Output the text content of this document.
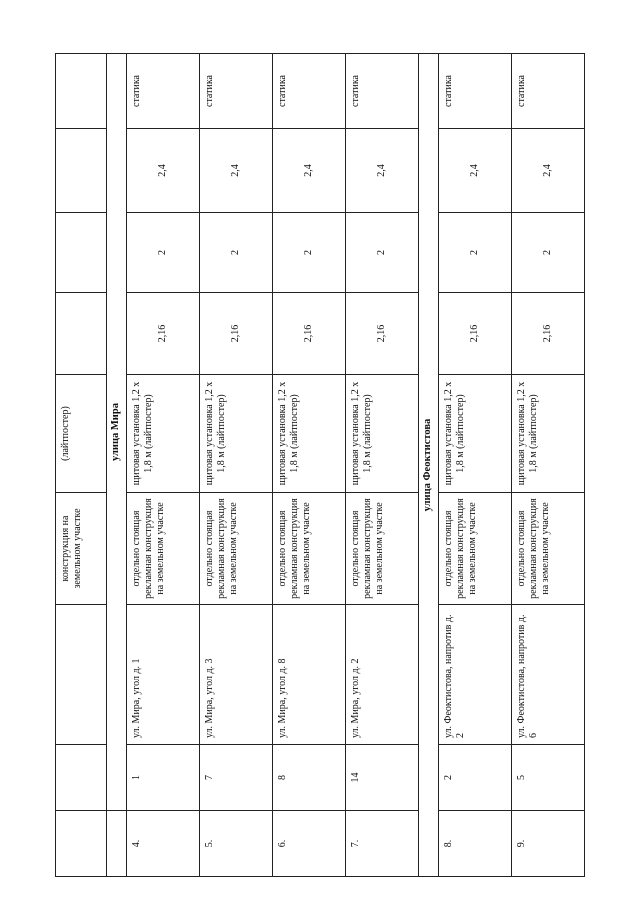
			конструкция на земельном участке	(лайтпостер)				
	улица Мира							
4.	1	ул. Мира, угол д. 1	отдельно стоящая рекламная конструкция на земельном участке	щитовая установка 1,2 х 1,8 м (лайтпостер)	2,16	2	2,4	статика
5.	7	ул. Мира, угол д. 3	отдельно стоящая рекламная конструкция на земельном участке	щитовая установка 1,2 х 1,8 м (лайтпостер)	2,16	2	2,4	статика
6.	8	ул. Мира, угол д. 8	отдельно стоящая рекламная конструкция на земельном участке	щитовая установка 1,2 х 1,8 м (лайтпостер)	2,16	2	2,4	статика
7.	14	ул. Мира, угол д. 2	отдельно стоящая рекламная конструкция на земельном участке	щитовая установка 1,2 х 1,8 м (лайтпостер)	2,16	2	2,4	статика
улица Феоктистова								
8.	2	ул. Феоктистова, напротив д. 2	отдельно стоящая рекламная конструкция на земельном участке	щитовая установка 1,2 х 1,8 м (лайтпостер)	2,16	2	2,4	статика
9.	5	ул. Феоктистова, напротив д. 6	отдельно стоящая рекламная конструкция на земельном участке	щитовая установка 1,2 х 1,8 м (лайтпостер)	2,16	2	2,4	статика
